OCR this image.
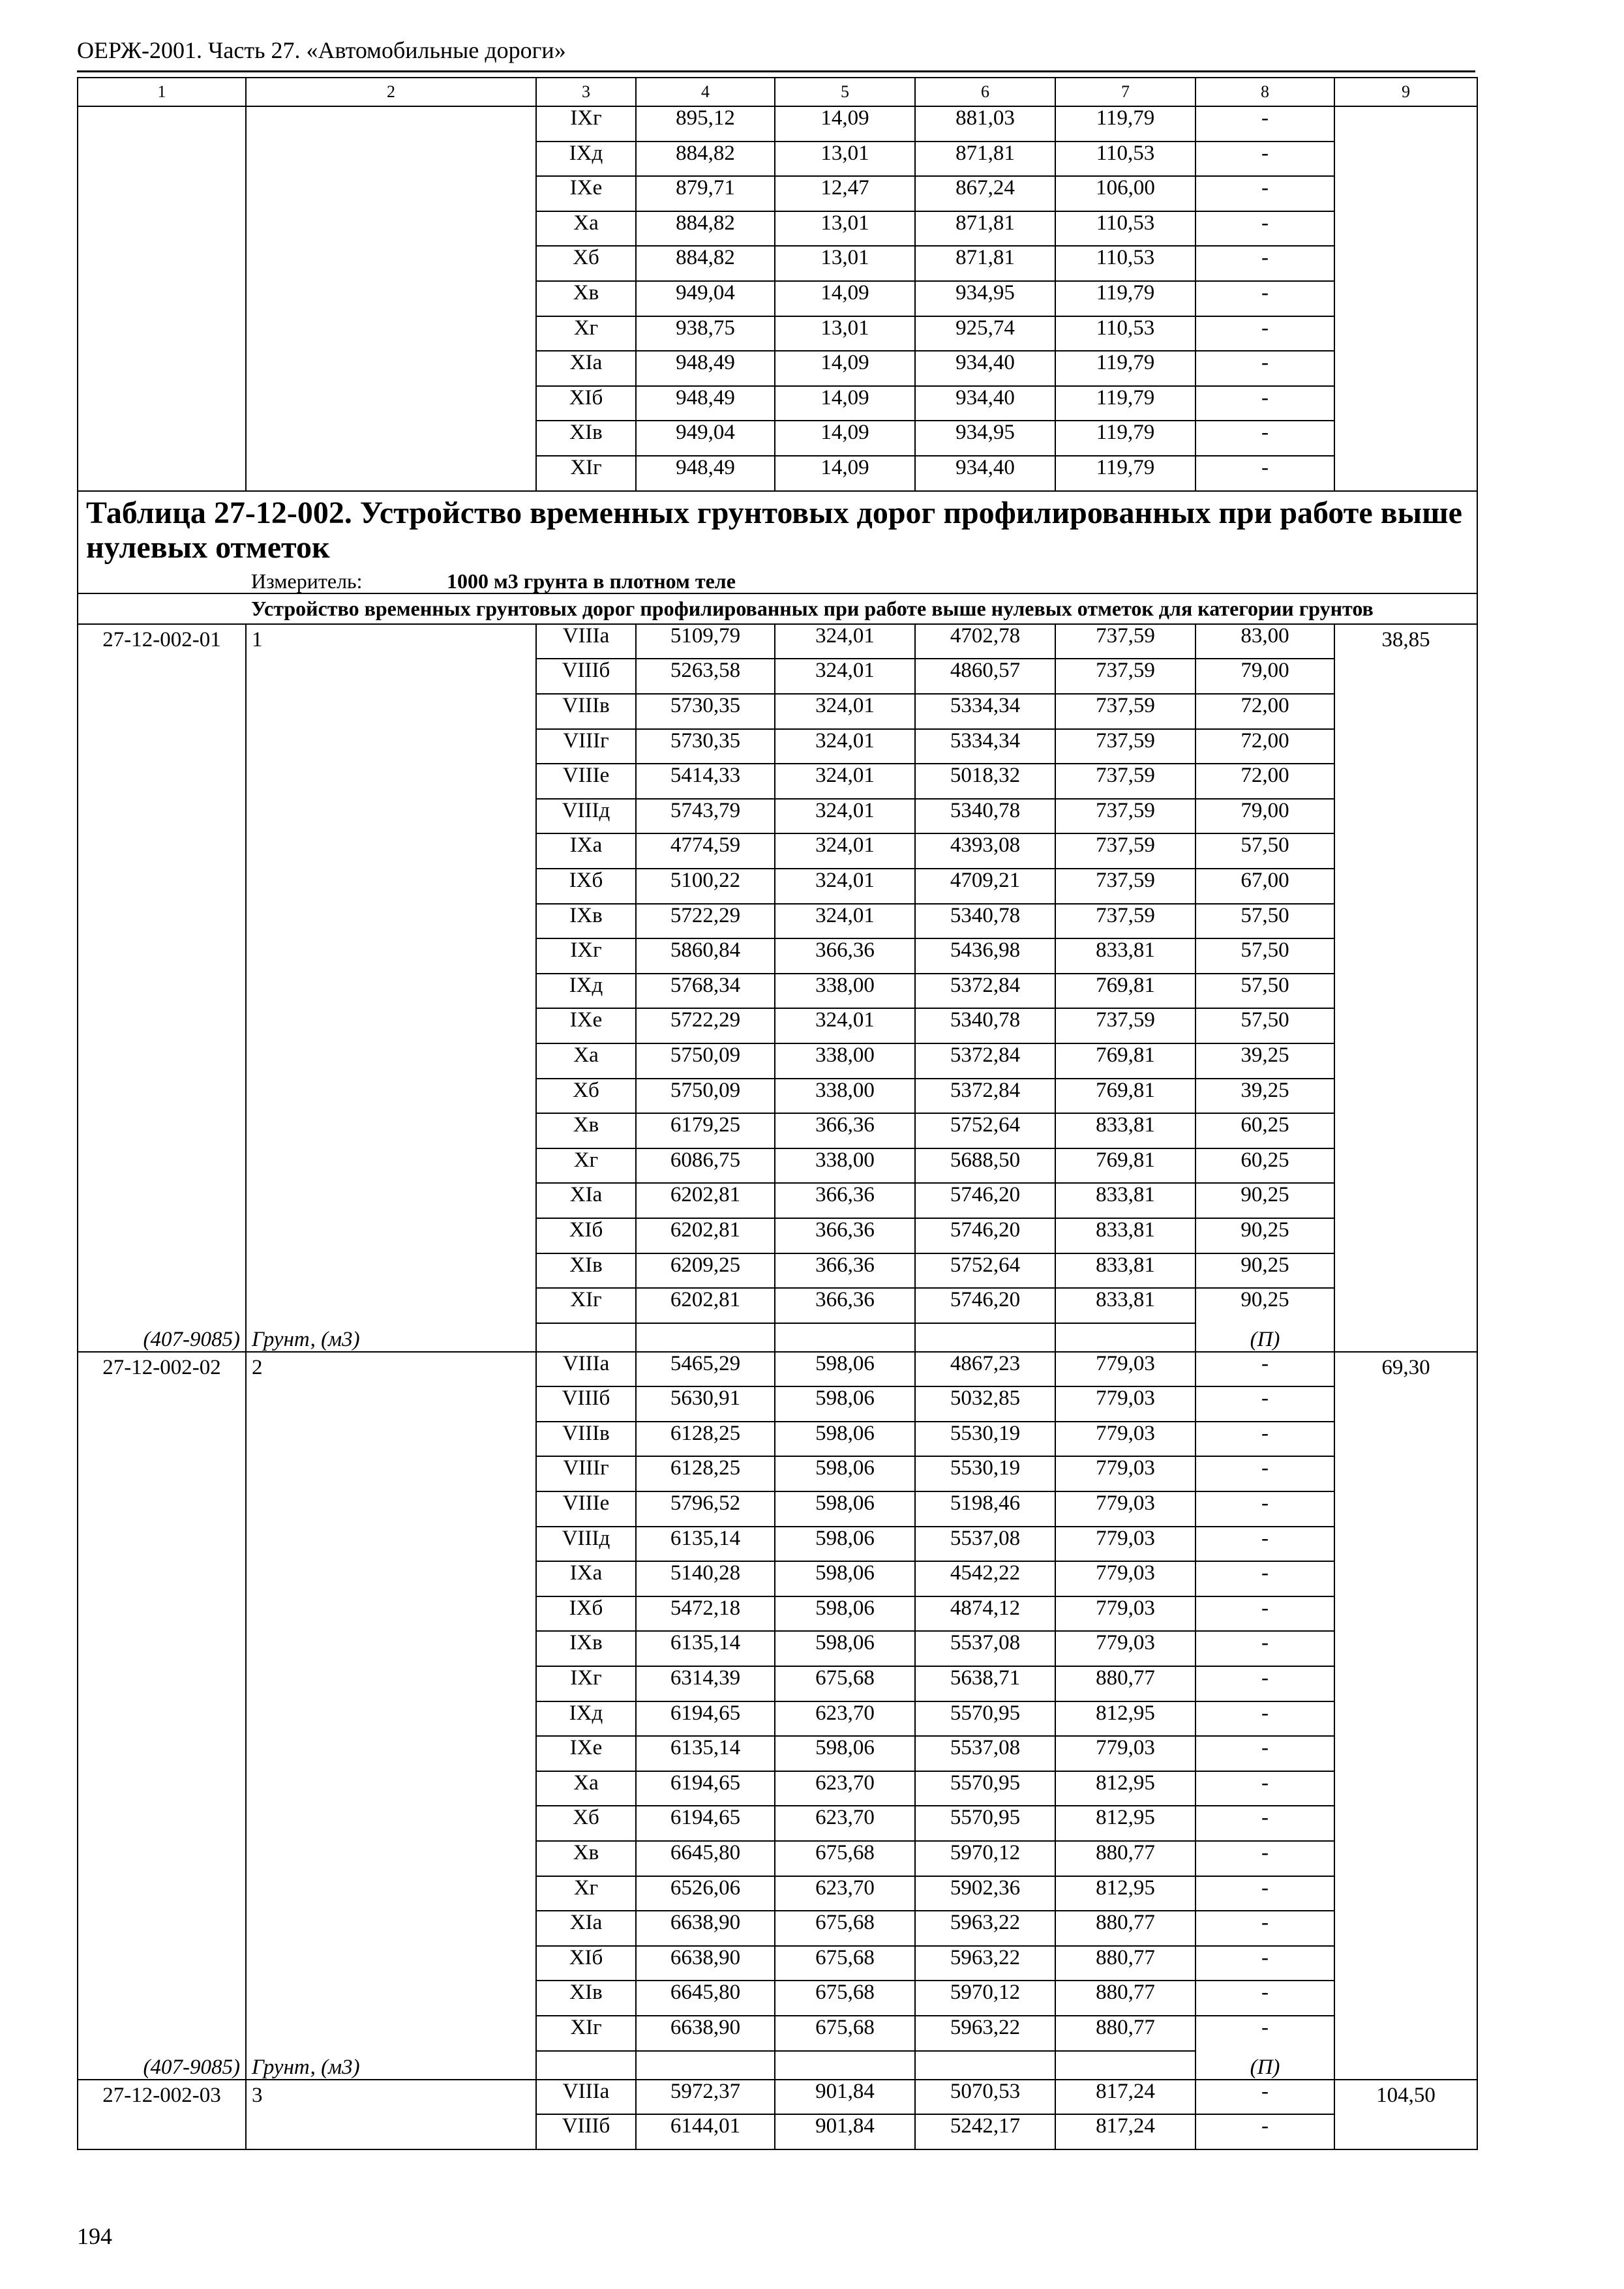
ОЕРЖ-2001. Часть 27. «Автомобильные дороги»
1	2	3	4	5	6	7	8	9
		IXг	895,12	14,09	881,03	119,79	-	
		IXд	884,82	13,01	871,81	110,53	-	
		IXе	879,71	12,47	867,24	106,00	-	
		Xа	884,82	13,01	871,81	110,53	-	
		Xб	884,82	13,01	871,81	110,53	-	
		Xв	949,04	14,09	934,95	119,79	-	
		Xг	938,75	13,01	925,74	110,53	-	
		XIа	948,49	14,09	934,40	119,79	-	
		XIб	948,49	14,09	934,40	119,79	-	
		XIв	949,04	14,09	934,95	119,79	-	
		XIг	948,49	14,09	934,40	119,79	-	
Таблица 27-12-002. Устройство временных грунтовых дорог профилированных при работе выше нулевых отметок								
Измеритель: 1000 м3 грунта в плотном теле								
Устройство временных грунтовых дорог профилированных при работе выше нулевых отметок для категории грунтов								
27-12-002-01	1	VIIIа	5109,79	324,01	4702,78	737,59	83,00	38,85
		VIIIб	5263,58	324,01	4860,57	737,59	79,00	
		VIIIв	5730,35	324,01	5334,34	737,59	72,00	
		VIIIг	5730,35	324,01	5334,34	737,59	72,00	
		VIIIе	5414,33	324,01	5018,32	737,59	72,00	
		VIIIд	5743,79	324,01	5340,78	737,59	79,00	
		IXа	4774,59	324,01	4393,08	737,59	57,50	
		IXб	5100,22	324,01	4709,21	737,59	67,00	
		IXв	5722,29	324,01	5340,78	737,59	57,50	
		IXг	5860,84	366,36	5436,98	833,81	57,50	
		IXд	5768,34	338,00	5372,84	769,81	57,50	
		IXе	5722,29	324,01	5340,78	737,59	57,50	
		Xа	5750,09	338,00	5372,84	769,81	39,25	
		Xб	5750,09	338,00	5372,84	769,81	39,25	
		Xв	6179,25	366,36	5752,64	833,81	60,25	
		Xг	6086,75	338,00	5688,50	769,81	60,25	
		XIа	6202,81	366,36	5746,20	833,81	90,25	
		XIб	6202,81	366,36	5746,20	833,81	90,25	
		XIв	6209,25	366,36	5752,64	833,81	90,25	
		XIг	6202,81	366,36	5746,20	833,81	90,25	
(407-9085)	Грунт, (м3)						(П)	
27-12-002-02	2	VIIIа	5465,29	598,06	4867,23	779,03	-	69,30
		VIIIб	5630,91	598,06	5032,85	779,03	-	
		VIIIв	6128,25	598,06	5530,19	779,03	-	
		VIIIг	6128,25	598,06	5530,19	779,03	-	
		VIIIе	5796,52	598,06	5198,46	779,03	-	
		VIIIд	6135,14	598,06	5537,08	779,03	-	
		IXа	5140,28	598,06	4542,22	779,03	-	
		IXб	5472,18	598,06	4874,12	779,03	-	
		IXв	6135,14	598,06	5537,08	779,03	-	
		IXг	6314,39	675,68	5638,71	880,77	-	
		IXд	6194,65	623,70	5570,95	812,95	-	
		IXе	6135,14	598,06	5537,08	779,03	-	
		Xа	6194,65	623,70	5570,95	812,95	-	
		Xб	6194,65	623,70	5570,95	812,95	-	
		Xв	6645,80	675,68	5970,12	880,77	-	
		Xг	6526,06	623,70	5902,36	812,95	-	
		XIа	6638,90	675,68	5963,22	880,77	-	
		XIб	6638,90	675,68	5963,22	880,77	-	
		XIв	6645,80	675,68	5970,12	880,77	-	
		XIг	6638,90	675,68	5963,22	880,77	-	
(407-9085)	Грунт, (м3)						(П)	
27-12-002-03	3	VIIIа	5972,37	901,84	5070,53	817,24	-	104,50
		VIIIб	6144,01	901,84	5242,17	817,24	-	
194
